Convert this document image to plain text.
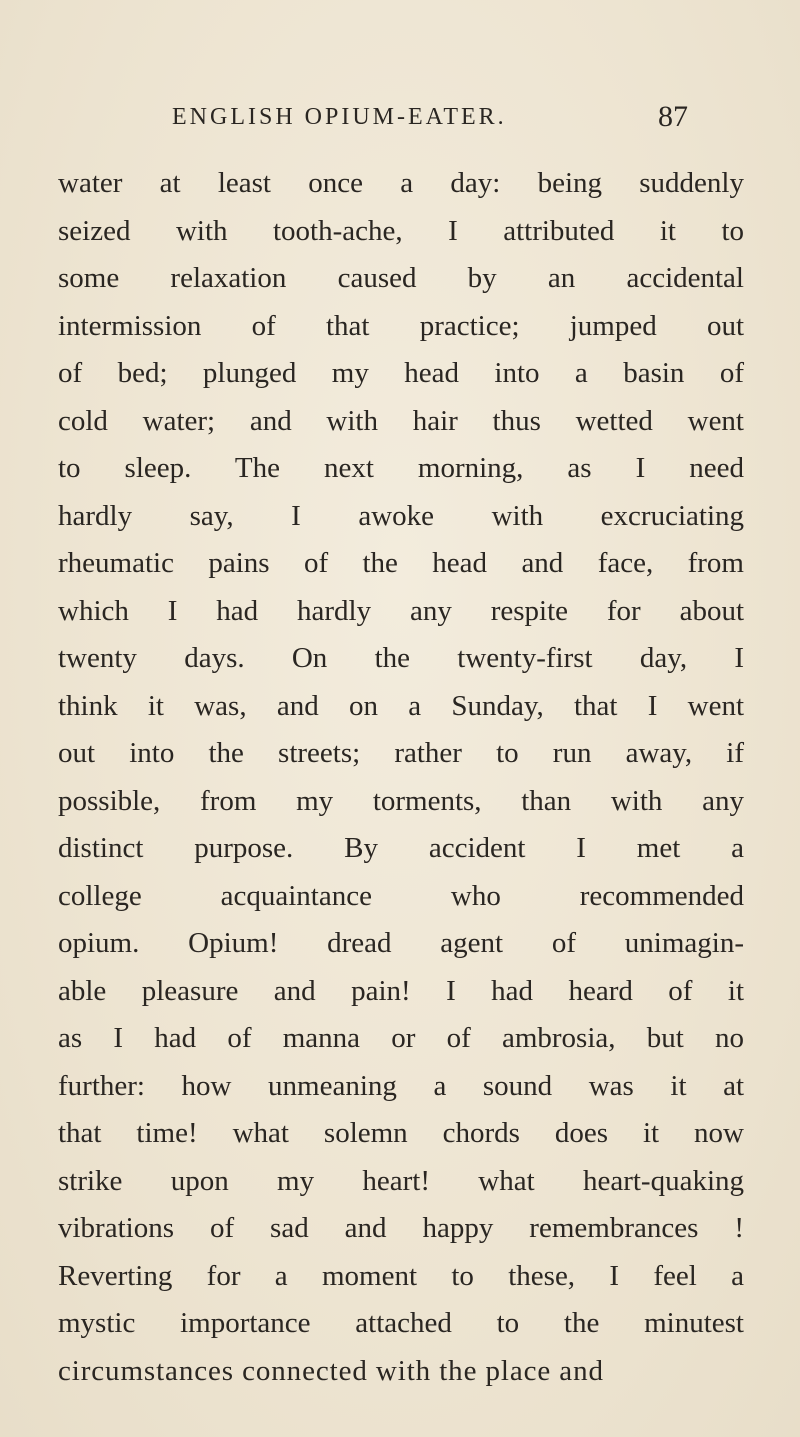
ENGLISH OPIUM-EATER.	87
water at least once a day: being suddenly
seized with tooth-ache, I attributed it to
some relaxation caused by an accidental
intermission of that practice; jumped out
of bed; plunged my head into a basin of
cold water; and with hair thus wetted went
to sleep. The next morning, as I need
hardly say, I awoke with excruciating
rheumatic pains of the head and face, from
which I had hardly any respite for about
twenty days. On the twenty-first day, I
think it was, and on a Sunday, that I went
out into the streets; rather to run away, if
possible, from my torments, than with any
distinct purpose. By accident I met a
college acquaintance who recommended
opium. Opium! dread agent of unimagin-
able pleasure and pain! I had heard of it
as I had of manna or of ambrosia, but no
further: how unmeaning a sound was it at
that time! what solemn chords does it now
strike upon my heart! what heart-quaking
vibrations of sad and happy remembrances !
Reverting for a moment to these, I feel a
mystic importance attached to the minutest
circumstances connected with the place and
